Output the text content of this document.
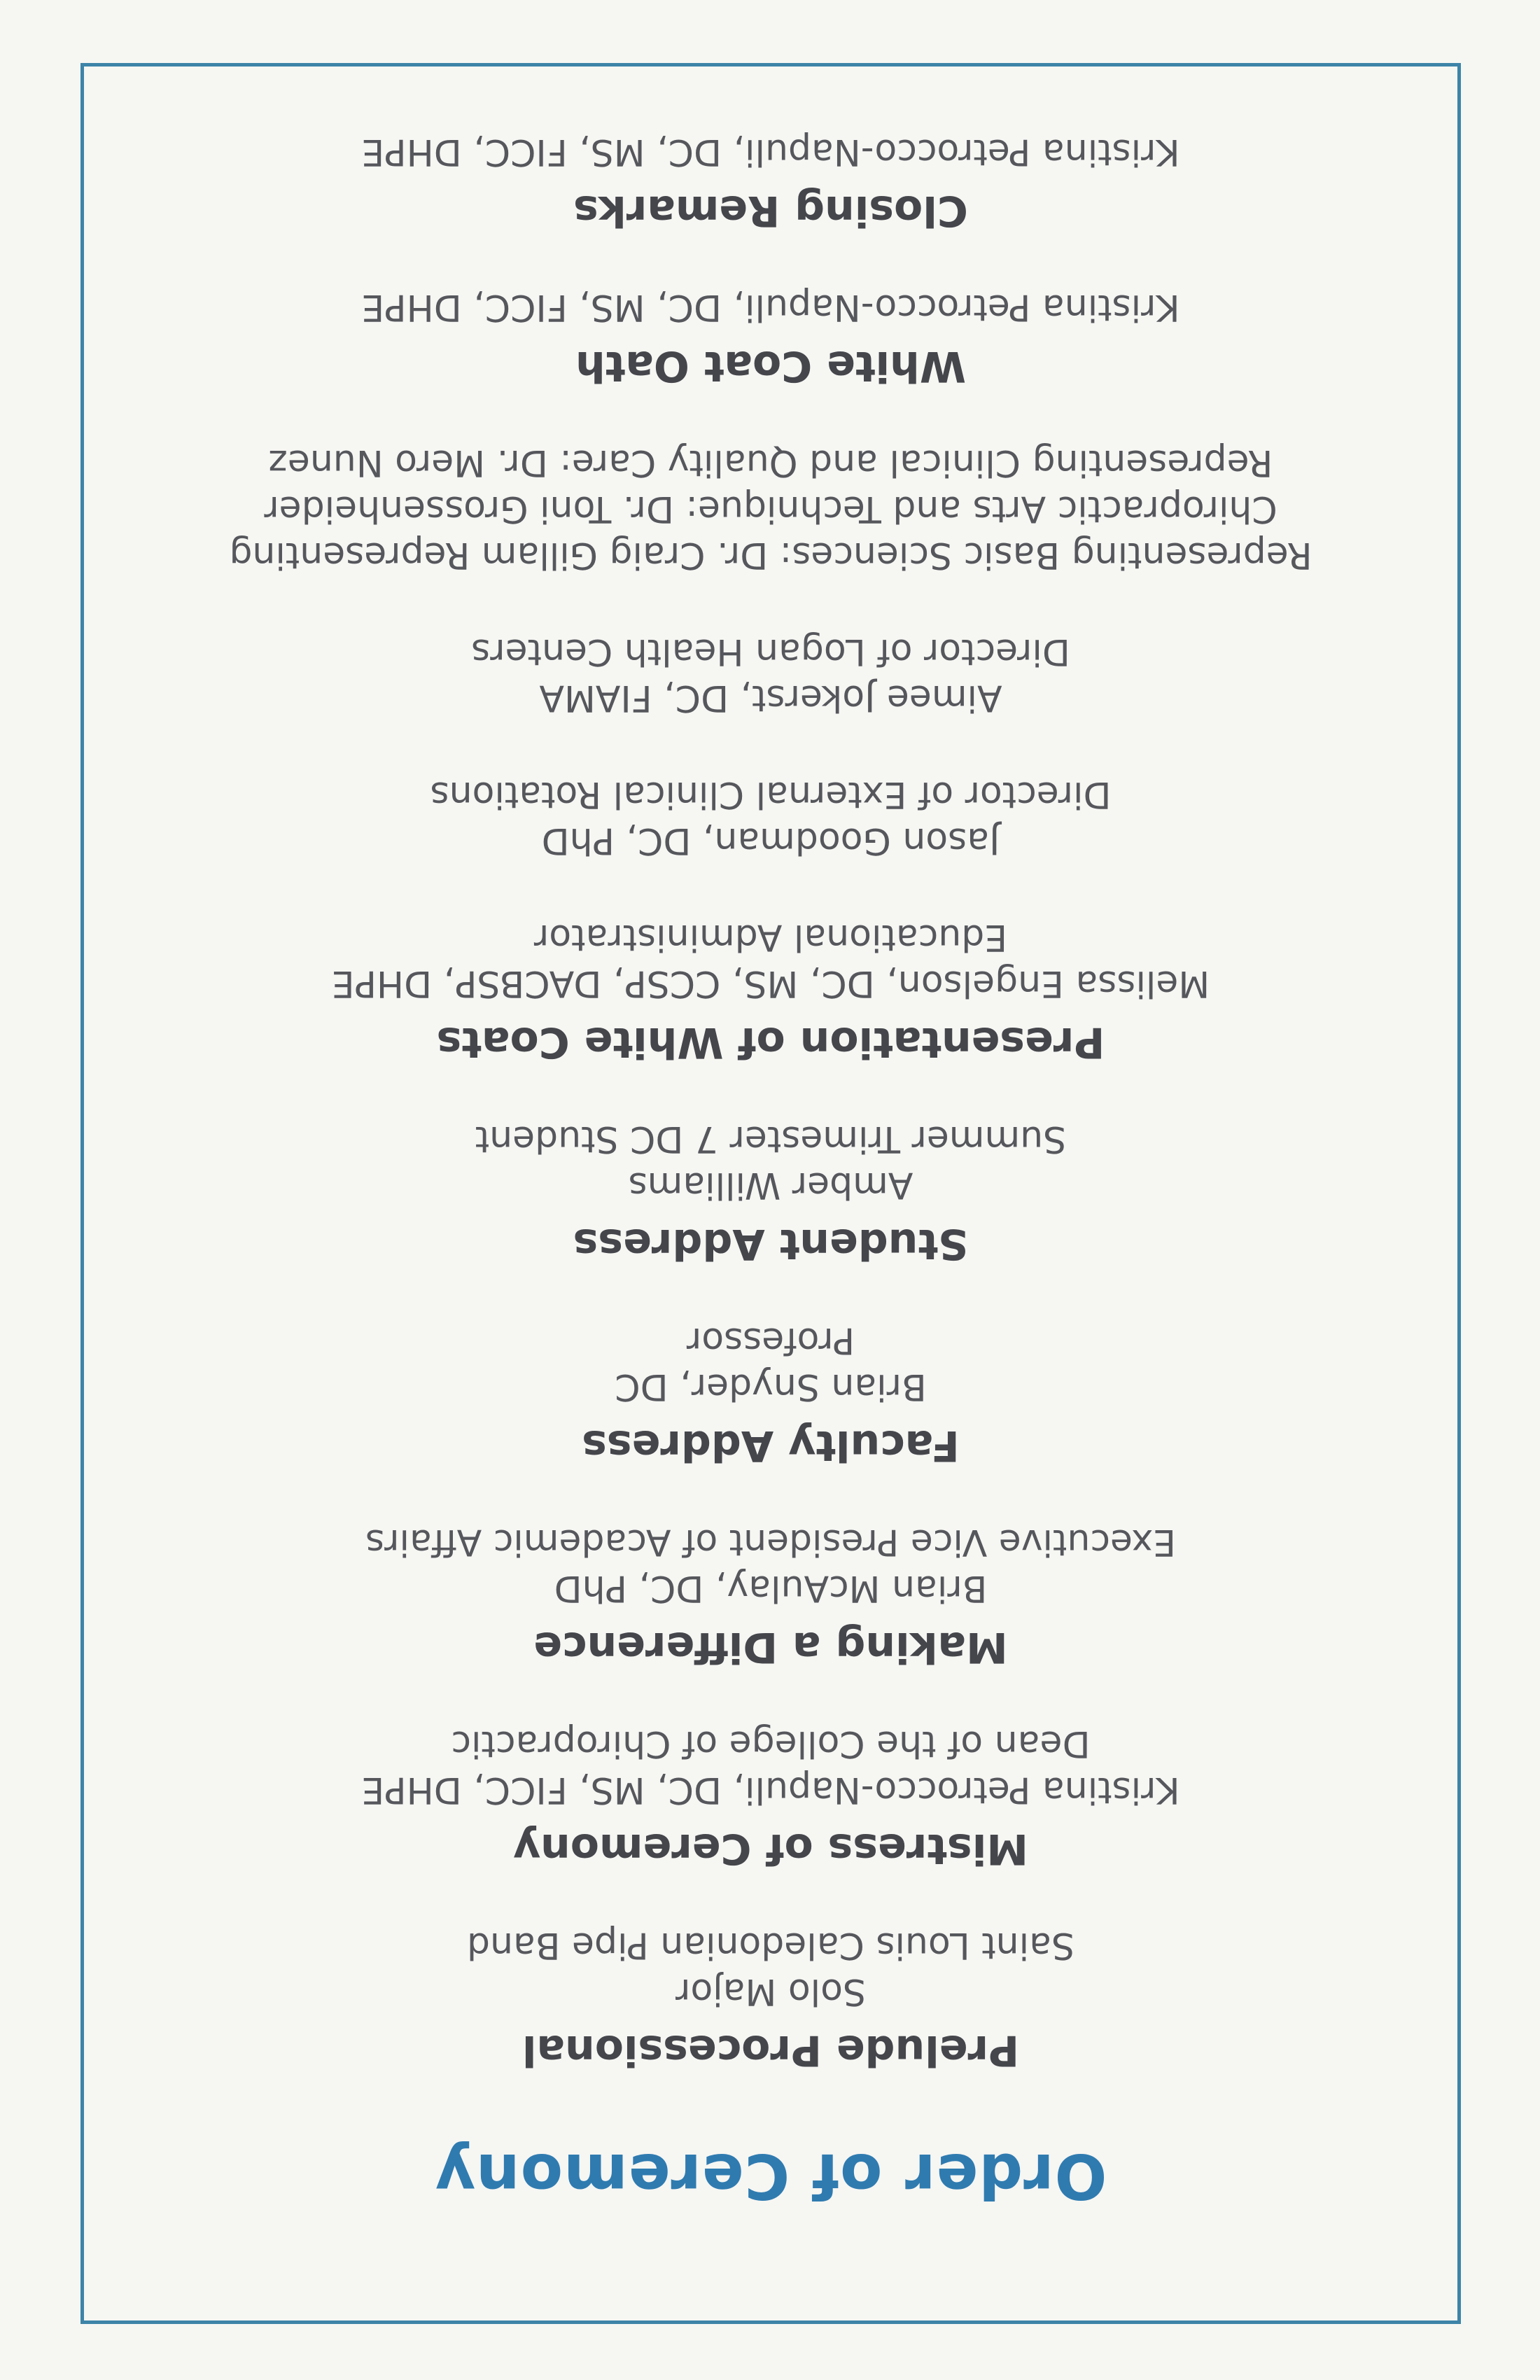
Order of Ceremony
Prelude Processional
Solo Major
Saint Louis Caledonian Pipe Band
Mistress of Ceremony
Kristina Petrocco-Napuli, DC, MS, FICC, DHPE
Dean of the College of Chiropractic
Making a Difference
Brian McAulay, DC, PhD
Executive Vice President of Academic Affairs
Faculty Address
Brian Snyder, DC
Professor
Student Address
Amber Williams
Summer Trimester 7 DC Student
Presentation of White Coats
Melissa Engelson, DC, MS, CCSP, DACBSP, DHPE
Educational Administrator
Jason Goodman, DC, PhD
Director of External Clinical Rotations
Aimee Jokerst, DC, FIAMA
Director of Logan Health Centers
Representing Basic Sciences: Dr. Craig Gillam Representing
Chiropractic Arts and Technique: Dr. Toni Grossenheider
Representing Clinical and Quality Care: Dr. Mero Nunez
White Coat Oath
Kristina Petrocco-Napuli, DC, MS, FICC, DHPE
Closing Remarks
Kristina Petrocco-Napuli, DC, MS, FICC, DHPE
